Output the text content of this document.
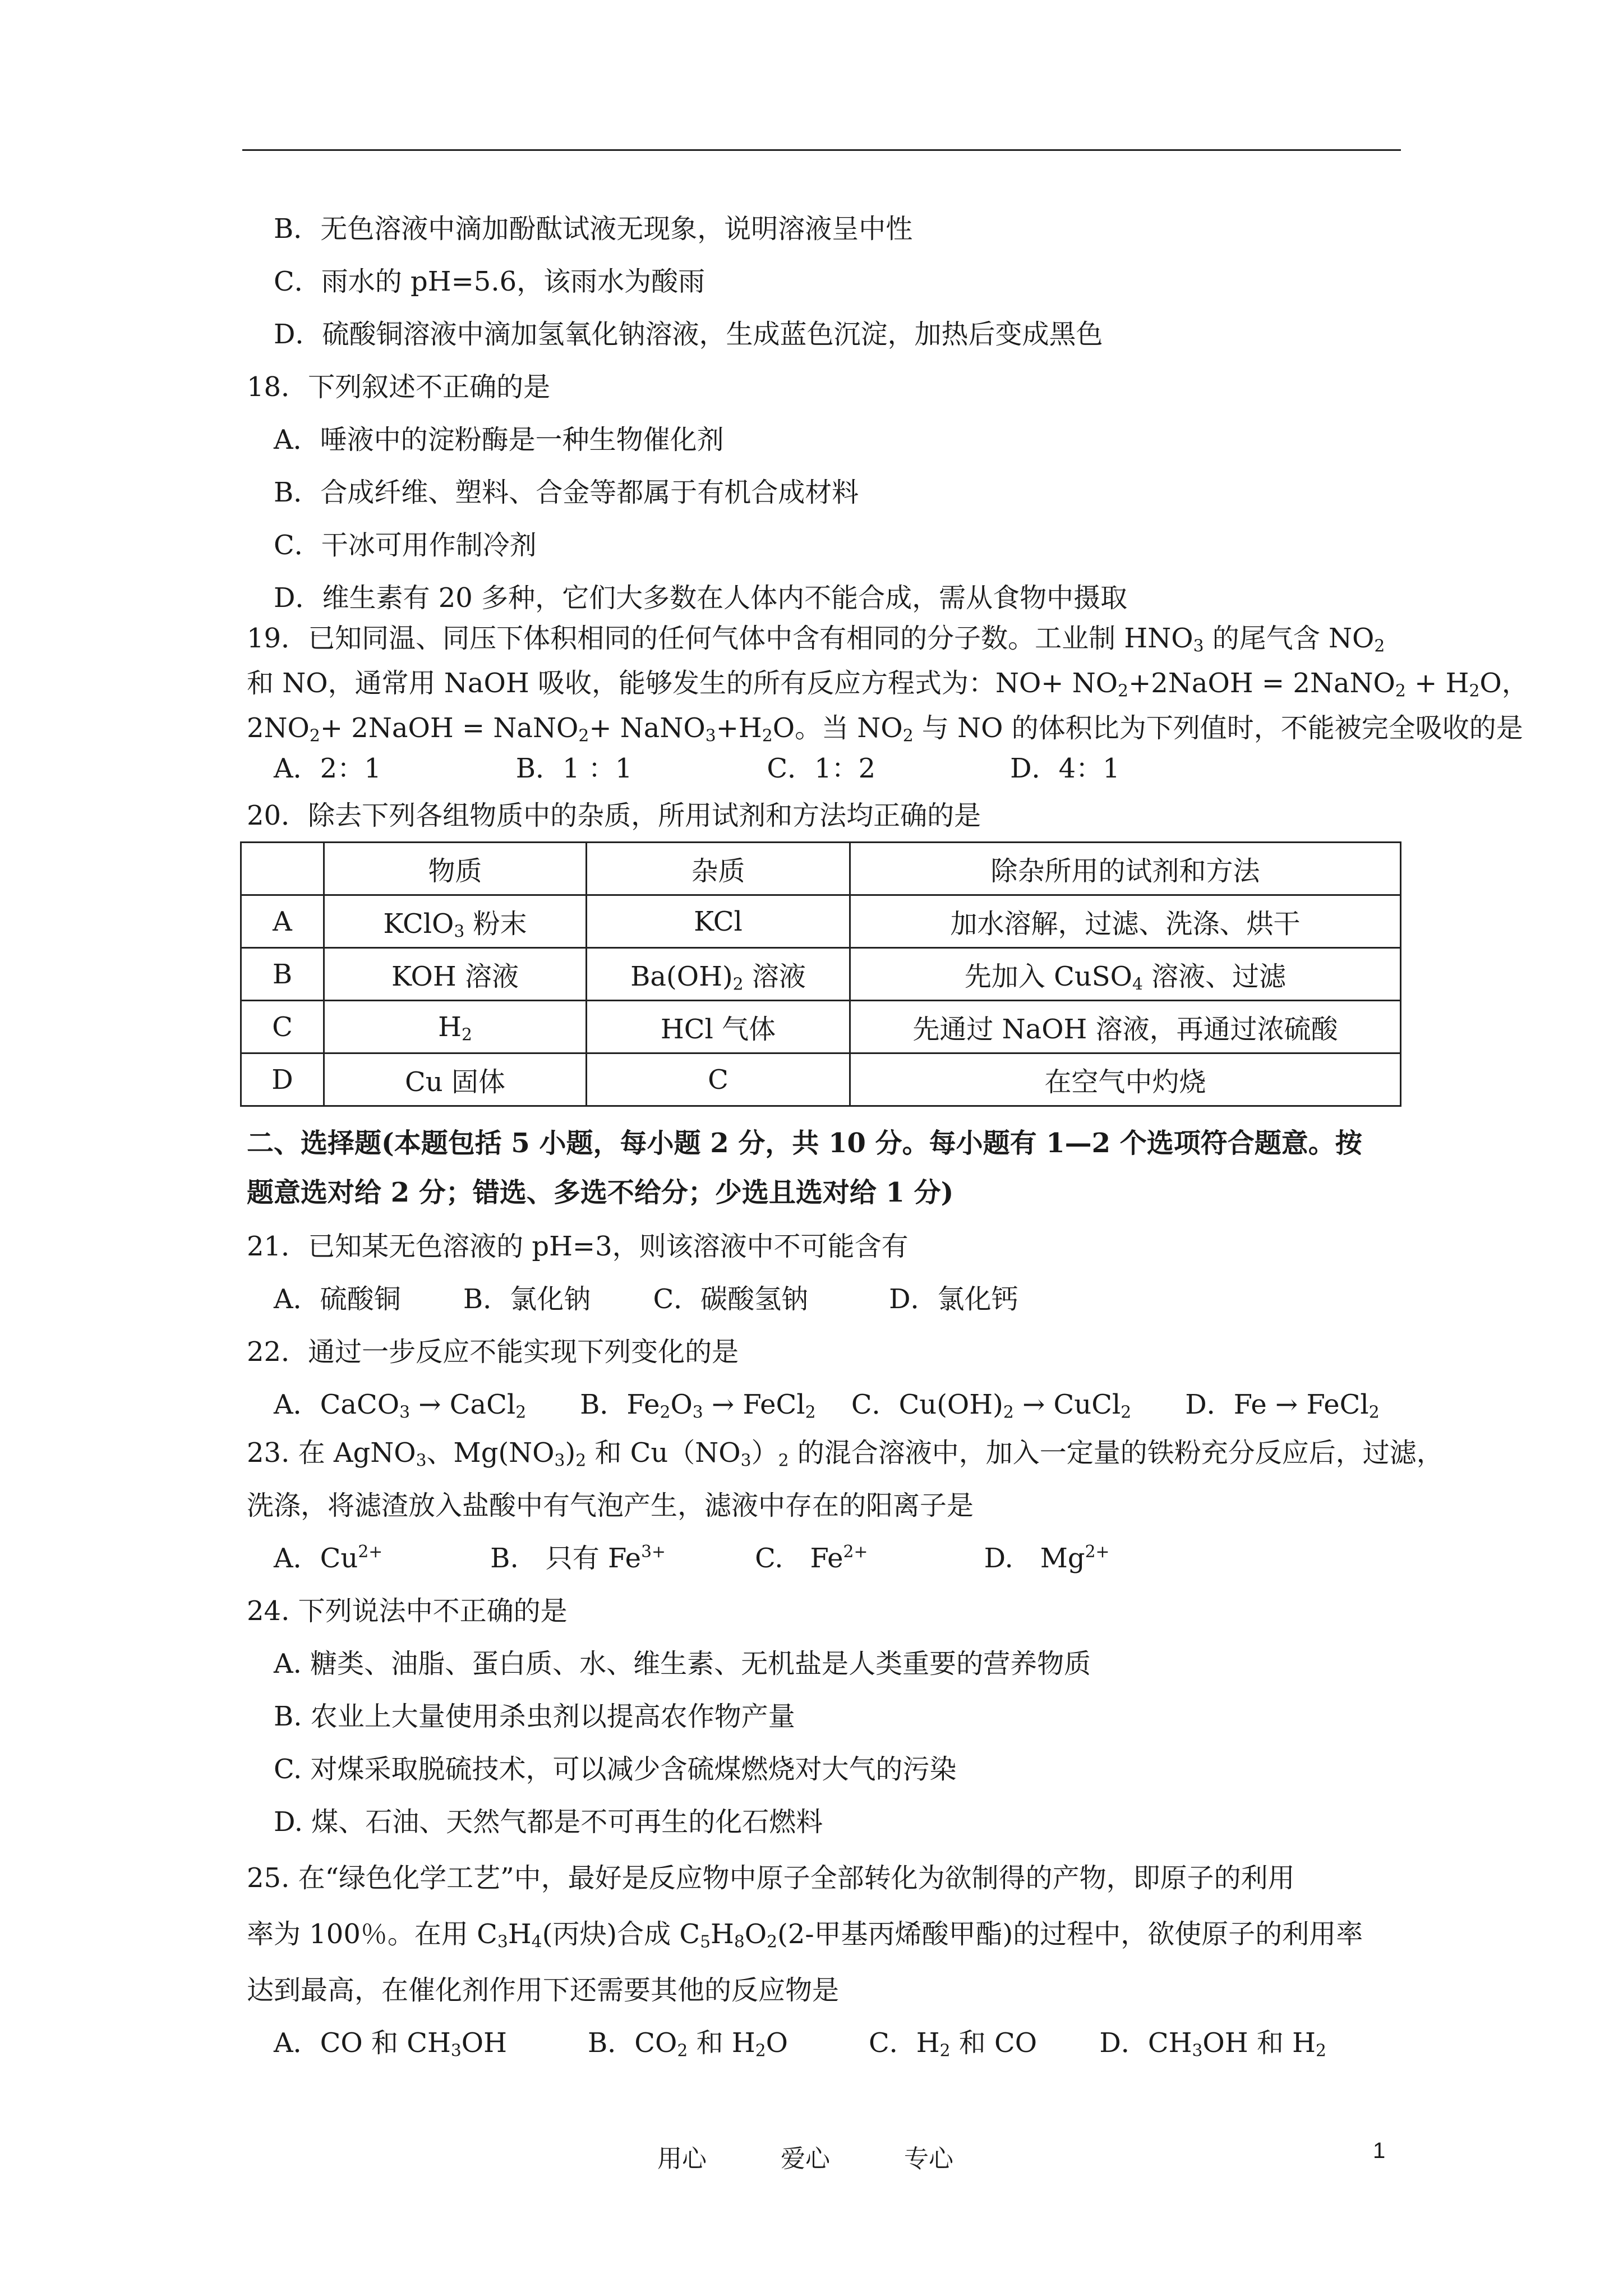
B．无色溶液中滴加酚酞试液无现象，说明溶液呈中性
C．雨水的 pH=5.6，该雨水为酸雨
D．硫酸铜溶液中滴加氢氧化钠溶液，生成蓝色沉淀，加热后变成黑色
18．下列叙述不正确的是
A．唾液中的淀粉酶是一种生物催化剂
B．合成纤维、塑料、合金等都属于有机合成材料
C．干冰可用作制冷剂
D．维生素有 20 多种，它们大多数在人体内不能合成，需从食物中摄取
19．已知同温、同压下体积相同的任何气体中含有相同的分子数。工业制 $HNO_3$ 的尾气含 $NO_2$
和 NO，通常用 NaOH 吸收，能够发生的所有反应方程式为：$NO+ NO_2+2NaOH$ = 2NaNO$_2$ + $H_2O$，
$2NO_2+$ 2NaOH = NaNO$_2$+ $NaNO_3+H_2O$。当 $NO_2$ 与 NO 的体积比为下列值时，不能被完全吸收的是
A．2：1　　　　　B．1 ：1　　　　　C．1：2　　　　　D．4：1
20．除去下列各组物质中的杂质，所用试剂和方法均正确的是
	物质	杂质	除杂所用的试剂和方法
A	KClO$_3$ 粉末	KCl	加水溶解，过滤、洗涤、烘干
B	KOH 溶液	$Ba(OH)_2$ 溶液	先加入 CuSO$_4$ 溶液、过滤
C	$H_2$	HCl 气体	先通过 NaOH 溶液，再通过浓硫酸
D	Cu 固体	C	在空气中灼烧
二、选择题(本题包括 5 小题，每小题 2 分，共 10 分。每小题有 1—2 个选项符合题意。按
题意选对给 2 分；错选、多选不给分；少选且选对给 1 分)
21．已知某无色溶液的 pH=3，则该溶液中不可能含有
A．硫酸铜　　 B．氯化钠　　 C．碳酸氢钠　　　D．氯化钙
22．通过一步反应不能实现下列变化的是
A．CaCO$_3$ → CaCl$_2$　　B．$Fe_2O_3$ → FeCl$_2$　 C．$Cu(OH)_2$ → CuCl$_2$　　D．Fe → FeCl$_2$
23. 在 AgNO$_3$、$Mg(NO_3)_2$ 和 $Cu(NO_3)_2$ 的混合溶液中，加入一定量的铁粉充分反应后，过滤，
洗涤，将滤渣放入盐酸中有气泡产生，滤液中存在的阳离子是
A．$Cu^{2+}$　　　　B.　只有 $Fe^{3+}$　　　 C.　$Fe^{2+}$　　　　 D.　$Mg^{2+}$
24. 下列说法中不正确的是
A. 糖类、油脂、蛋白质、水、维生素、无机盐是人类重要的营养物质
B. 农业上大量使用杀虫剂以提高农作物产量
C. 对煤采取脱硫技术，可以减少含硫煤燃烧对大气的污染
D. 煤、石油、天然气都是不可再生的化石燃料
25. 在“绿色化学工艺”中，最好是反应物中原子全部转化为欲制得的产物，即原子的利用
率为 100％。在用 $C_3H_4$(丙炔)合成 $C_5H_8O_2(2-$甲基丙烯酸甲酯)的过程中，欲使原子的利用率
达到最高，在催化剂作用下还需要其他的反应物是
A．CO 和 $CH_3OH$　　　B．$CO_2$ 和 $H_2O$　　　C．$H_2$ 和 CO　　 D．$CH_3OH$ 和 $H_2$
用心　　　爱心　　　专心	1
